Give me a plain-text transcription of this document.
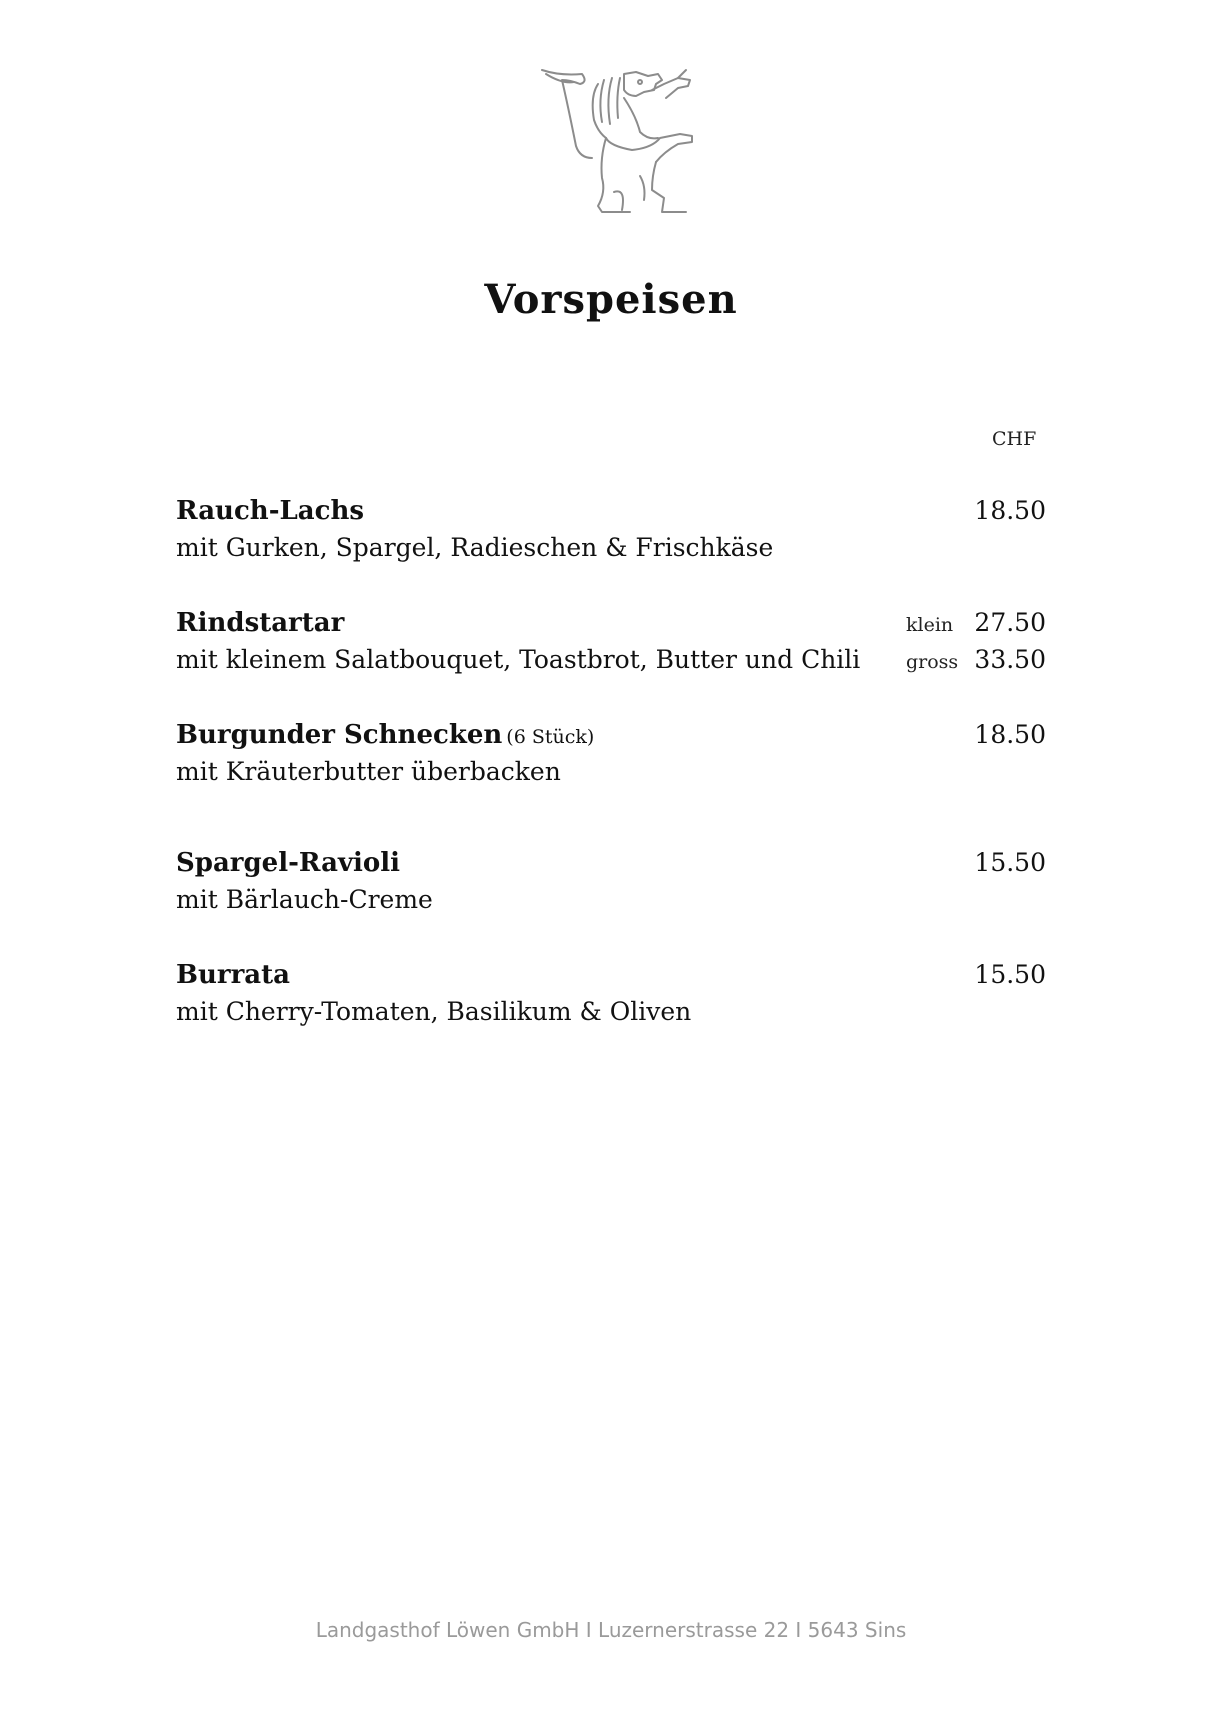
Vorspeisen
CHF
Rauch-Lachs
mit Gurken, Spargel, Radieschen & Frischkäse
18.50
Rindstartar
mit kleinem Salatbouquet, Toastbrot, Butter und Chili
klein 27.50
gross 33.50
Burgunder Schnecken (6 Stück)
mit Kräuterbutter überbacken
18.50
Spargel-Ravioli
mit Bärlauch-Creme
15.50
Burrata
mit Cherry-Tomaten, Basilikum & Oliven
15.50
Landgasthof Löwen GmbH I Luzernerstrasse 22 I 5643 Sins
